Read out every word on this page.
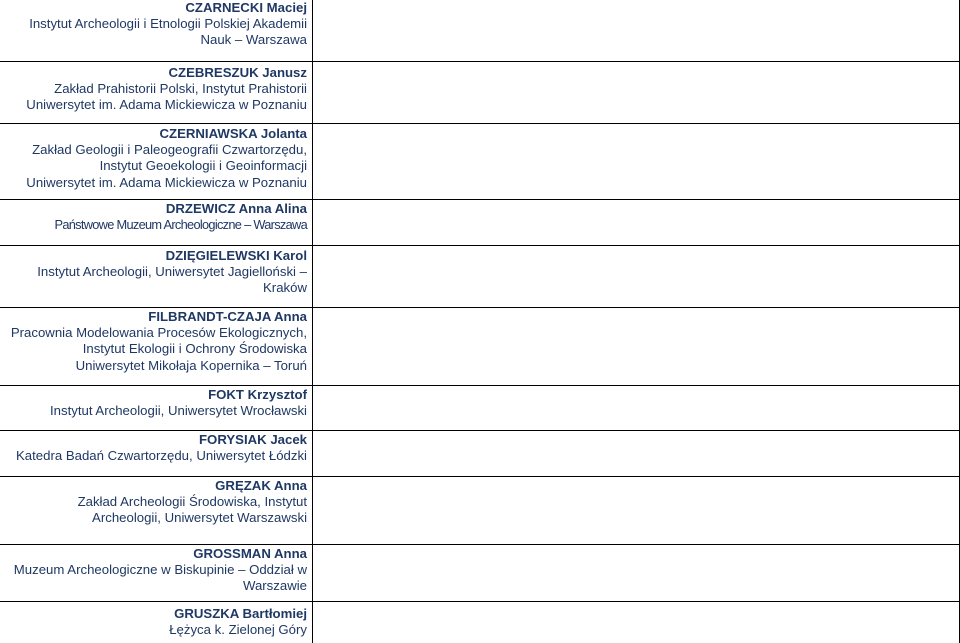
CZARNECKI Maciej
Instytut Archeologii i Etnologii Polskiej Akademii
Nauk – Warszawa
CZEBRESZUK Janusz
Zakład Prahistorii Polski, Instytut Prahistorii
Uniwersytet im. Adama Mickiewicza w Poznaniu
CZERNIAWSKA Jolanta
Zakład Geologii i Paleogeografii Czwartorzędu,
Instytut Geoekologii i Geoinformacji
Uniwersytet im. Adama Mickiewicza w Poznaniu
DRZEWICZ Anna Alina
Państwowe Muzeum Archeologiczne – Warszawa
DZIĘGIELEWSKI Karol
Instytut Archeologii, Uniwersytet Jagielloński –
Kraków
FILBRANDT-CZAJA Anna
Pracownia Modelowania Procesów Ekologicznych,
Instytut Ekologii i Ochrony Środowiska
Uniwersytet Mikołaja Kopernika – Toruń
FOKT Krzysztof
Instytut Archeologii, Uniwersytet Wrocławski
FORYSIAK Jacek
Katedra Badań Czwartorzędu, Uniwersytet Łódzki
GRĘZAK Anna
Zakład Archeologii Środowiska, Instytut
Archeologii, Uniwersytet Warszawski
GROSSMAN Anna
Muzeum Archeologiczne w Biskupinie – Oddział w
Warszawie
GRUSZKA Bartłomiej
Łężyca k. Zielonej Góry
